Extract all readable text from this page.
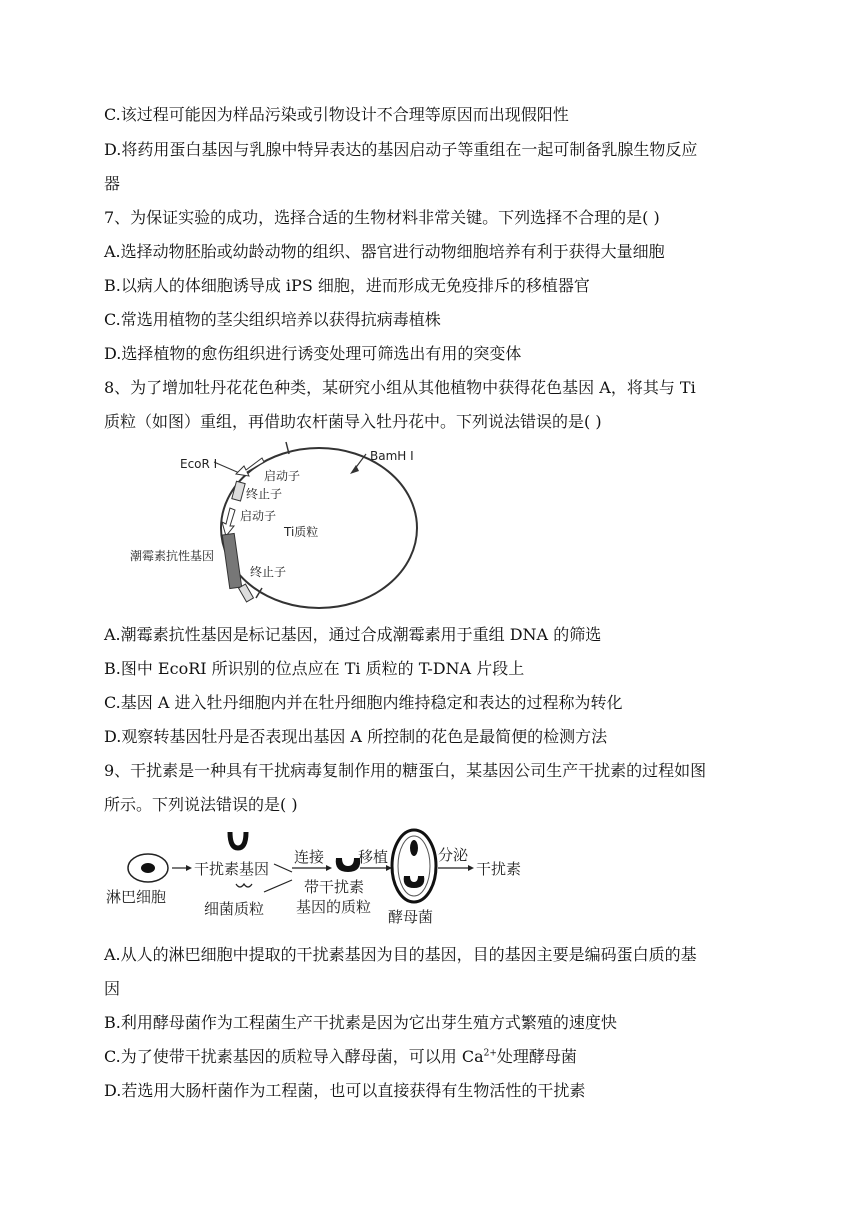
C.该过程可能因为样品污染或引物设计不合理等原因而出现假阳性
D.将药用蛋白基因与乳腺中特异表达的基因启动子等重组在一起可制备乳腺生物反应
器
7、为保证实验的成功，选择合适的生物材料非常关键。下列选择不合理的是( )
A.选择动物胚胎或幼龄动物的组织、器官进行动物细胞培养有利于获得大量细胞
B.以病人的体细胞诱导成 iPS 细胞，进而形成无免疫排斥的移植器官
C.常选用植物的茎尖组织培养以获得抗病毒植株
D.选择植物的愈伤组织进行诱变处理可筛选出有用的突变体
8、为了增加牡丹花花色种类，某研究小组从其他植物中获得花色基因 A，将其与 Ti
质粒（如图）重组，再借助农杆菌导入牡丹花中。下列说法错误的是( )
EcoR I
BamH I
启动子
终止子
启动子
Ti质粒
潮霉素抗性基因
终止子
A.潮霉素抗性基因是标记基因，通过合成潮霉素用于重组 DNA 的筛选
B.图中 EcoRI 所识别的位点应在 Ti 质粒的 T-DNA 片段上
C.基因 A 进入牡丹细胞内并在牡丹细胞内维持稳定和表达的过程称为转化
D.观察转基因牡丹是否表现出基因 A 所控制的花色是最简便的检测方法
9、干扰素是一种具有干扰病毒复制作用的糖蛋白，某基因公司生产干扰素的过程如图
所示。下列说法错误的是( )
淋巴细胞
干扰素基因
细菌质粒
连接
带干扰素
基因的质粒
移植
酵母菌
分泌
干扰素
A.从人的淋巴细胞中提取的干扰素基因为目的基因，目的基因主要是编码蛋白质的基
因
B.利用酵母菌作为工程菌生产干扰素是因为它出芽生殖方式繁殖的速度快
C.为了使带干扰素基因的质粒导入酵母菌，可以用 $Ca^{2+}$处理酵母菌
D.若选用大肠杆菌作为工程菌，也可以直接获得有生物活性的干扰素
